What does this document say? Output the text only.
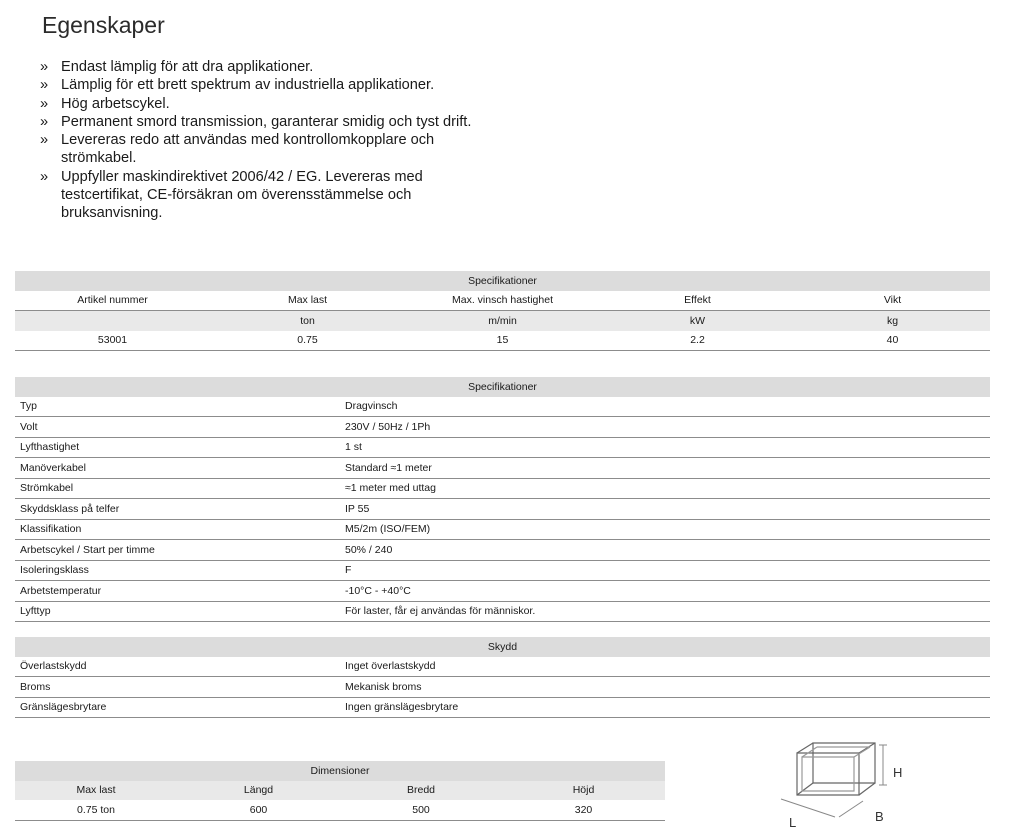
Egenskaper
» Endast lämplig för att dra applikationer.
» Lämplig för ett brett spektrum av industriella applikationer.
» Hög arbetscykel.
» Permanent smord transmission, garanterar smidig och tyst drift.
» Levereras redo att användas med kontrollomkopplare och strömkabel.
» Uppfyller maskindirektivet 2006/42 / EG. Levereras med testcertifikat, CE-försäkran om överensstämmelse och bruksanvisning.
Specifikationer				
Artikel nummer	Max last	Max. vinsch hastighet	Effekt	Vikt
	ton	m/min	kW	kg
53001	0.75	15	2.2	40
Specifikationer	
Typ	Dragvinsch
Volt	230V / 50Hz / 1Ph
Lyfthastighet	1 st
Manöverkabel	Standard ≈1 meter
Strömkabel	≈1 meter med uttag
Skyddsklass på telfer	IP 55
Klassifikation	M5/2m (ISO/FEM)
Arbetscykel / Start per timme	50% / 240
Isoleringsklass	F
Arbetstemperatur	-10°C - +40°C
Lyfttyp	För laster, får ej användas för människor.
Skydd	
Överlastskydd	Inget överlastskydd
Broms	Mekanisk broms
Gränslägesbrytare	Ingen gränslägesbrytare
Dimensioner			
Max last	Längd	Bredd	Höjd
0.75 ton	600	500	320
H
L	B
